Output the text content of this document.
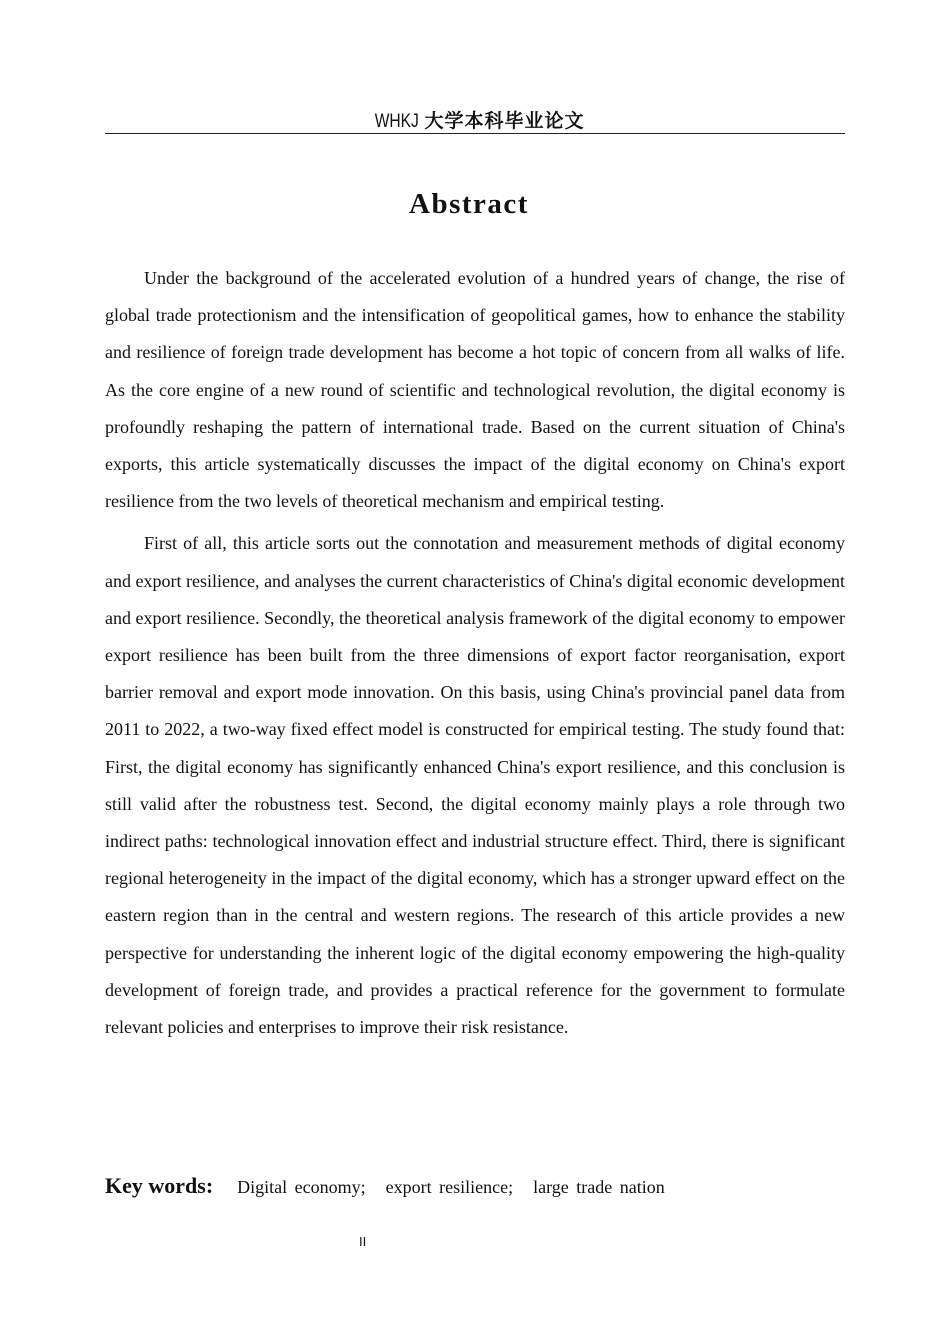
WHKJ 大学本科毕业论文
Abstract

Under the background of the accelerated evolution of a hundred years of change, the rise of global trade protectionism and the intensification of geopolitical games, how to enhance the stability and resilience of foreign trade development has become a hot topic of concern from all walks of life. As the core engine of a new round of scientific and technological revolution, the digital economy is profoundly reshaping the pattern of international trade. Based on the current situation of China's exports, this article systematically discusses the impact of the digital economy on China's export resilience from the two levels of theoretical mechanism and empirical testing.

First of all, this article sorts out the connotation and measurement methods of digital economy and export resilience, and analyses the current characteristics of China's digital economic development and export resilience. Secondly, the theoretical analysis framework of the digital economy to empower export resilience has been built from the three dimensions of export factor reorganisation, export barrier removal and export mode innovation. On this basis, using China's provincial panel data from 2011 to 2022, a two-way fixed effect model is constructed for empirical testing. The study found that: First, the digital economy has significantly enhanced China's export resilience, and this conclusion is still valid after the robustness test. Second, the digital economy mainly plays a role through two indirect paths: technological innovation effect and industrial structure effect. Third, there is significant regional heterogeneity in the impact of the digital economy, which has a stronger upward effect on the eastern region than in the central and western regions. The research of this article provides a new perspective for understanding the inherent logic of the digital economy empowering the high-quality development of foreign trade, and provides a practical reference for the government to formulate relevant policies and enterprises to improve their risk resistance.

Key words: Digital economy; export resilience; large trade nation
II
